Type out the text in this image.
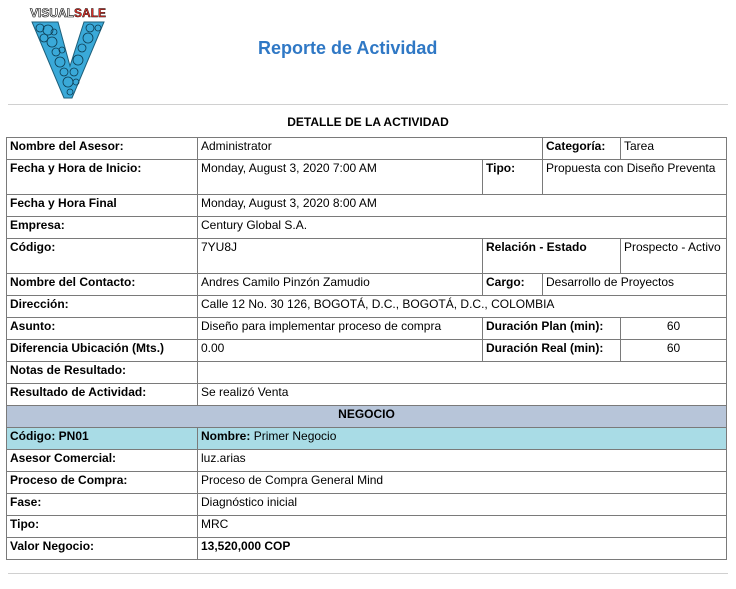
VISUAL SALE
Reporte de Actividad
DETALLE DE LA ACTIVIDAD
Nombre del Asesor:	Administrator		Categoría:	Tarea
Fecha y Hora de Inicio:	Monday, August 3, 2020 7:00 AM	Tipo:	Propuesta con Diseño Preventa	
Fecha y Hora Final	Monday, August 3, 2020 8:00 AM			
Empresa:	Century Global S.A.			
Código:	7YU8J	Relación - Estado		Prospecto - Activo
Nombre del Contacto:	Andres Camilo Pinzón Zamudio	Cargo:	Desarrollo de Proyectos	
Dirección:	Calle 12 No. 30 126, BOGOTÁ, D.C., BOGOTÁ, D.C., COLOMBIA			
Asunto:	Diseño para implementar proceso de compra	Duración Plan (min):		60
Diferencia Ubicación (Mts.)	0.00	Duración Real (min):		60
Notas de Resultado:				
Resultado de Actividad:	Se realizó Venta			
NEGOCIO				
Código: PN01	Nombre: Primer Negocio			
Asesor Comercial:	luz.arias			
Proceso de Compra:	Proceso de Compra General Mind			
Fase:	Diagnóstico inicial			
Tipo:	MRC			
Valor Negocio:	13,520,000 COP			
